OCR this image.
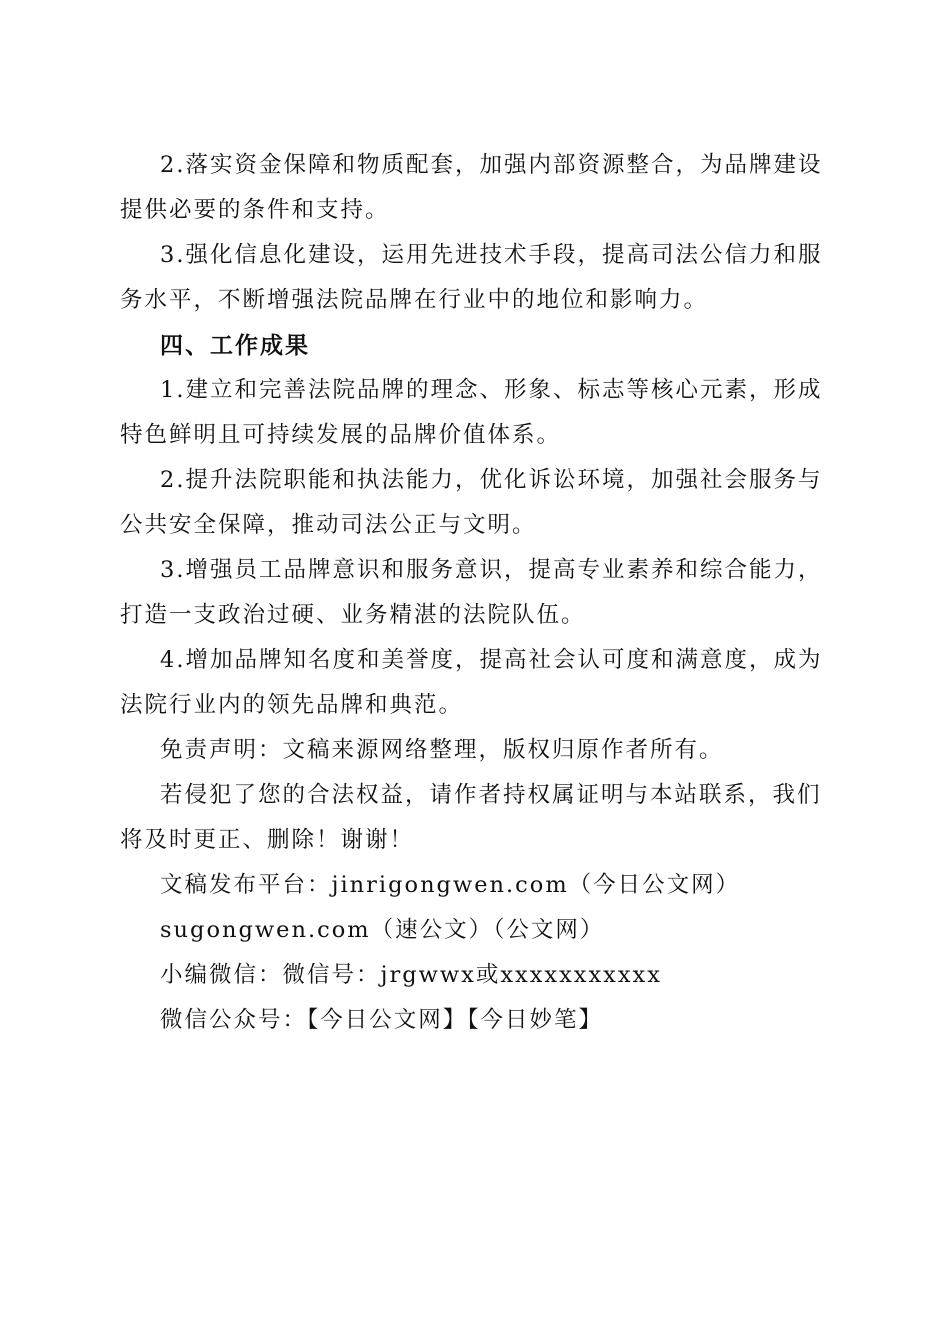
2.落实资金保障和物质配套，加强内部资源整合，为品牌建设提供必要的条件和支持。

3.强化信息化建设，运用先进技术手段，提高司法公信力和服务水平，不断增强法院品牌在行业中的地位和影响力。

四、工作成果

1.建立和完善法院品牌的理念、形象、标志等核心元素，形成特色鲜明且可持续发展的品牌价值体系。

2.提升法院职能和执法能力，优化诉讼环境，加强社会服务与公共安全保障，推动司法公正与文明。

3.增强员工品牌意识和服务意识，提高专业素养和综合能力，打造一支政治过硬、业务精湛的法院队伍。

4.增加品牌知名度和美誉度，提高社会认可度和满意度，成为法院行业内的领先品牌和典范。

免责声明：文稿来源网络整理，版权归原作者所有。

若侵犯了您的合法权益，请作者持权属证明与本站联系，我们将及时更正、删除！谢谢！

文稿发布平台：jinrigongwen.com（今日公文网）

sugongwen.com（速公文）（公文网）

小编微信：微信号：jrgwwx或xxxxxxxxxxx

微信公众号：【今日公文网】【今日妙笔】
